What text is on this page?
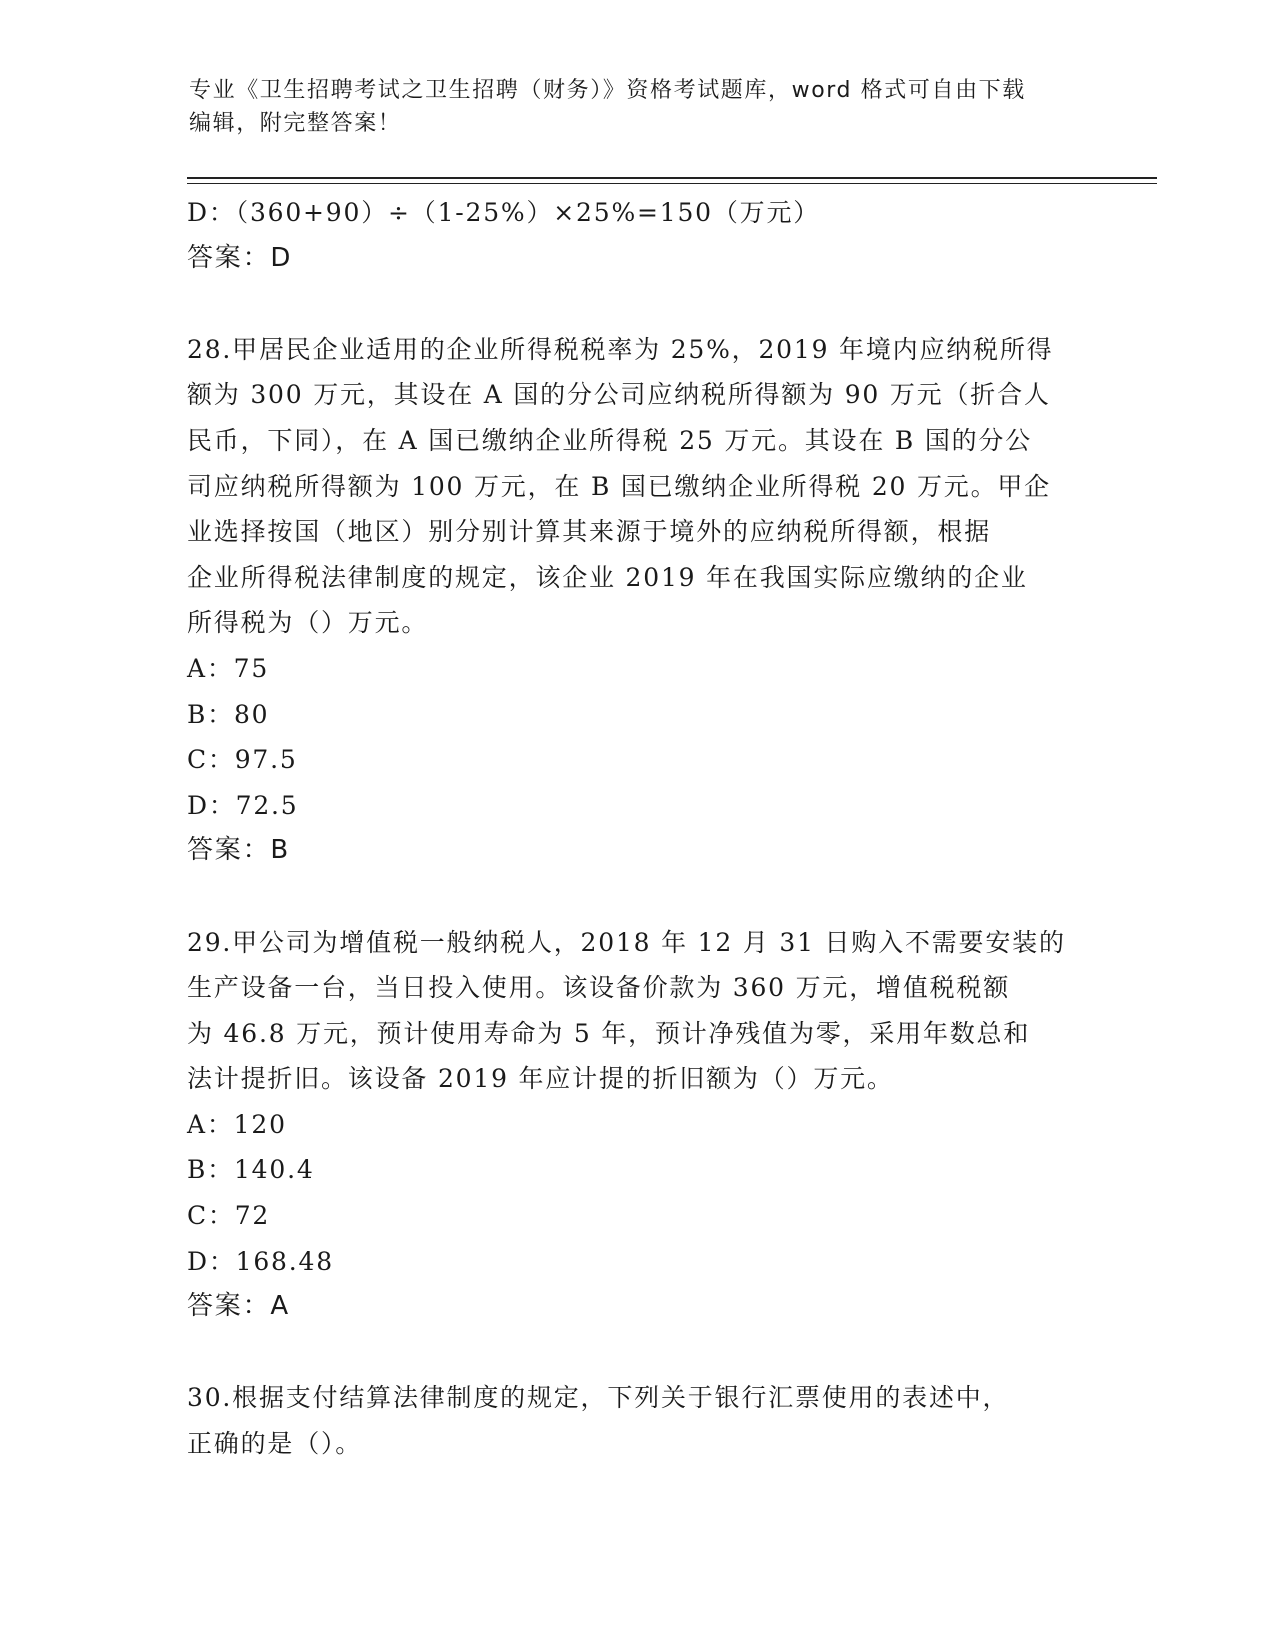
专业《卫生招聘考试之卫生招聘（财务）》资格考试题库，word 格式可自由下载
编辑，附完整答案！
D：（360+90）÷（1-25%）×25%=150（万元）
答案：D
28.甲居民企业适用的企业所得税税率为 25%，2019 年境内应纳税所得
额为 300 万元，其设在 A 国的分公司应纳税所得额为 90 万元（折合人
民币，下同），在 A 国已缴纳企业所得税 25 万元。其设在 B 国的分公
司应纳税所得额为 100 万元，在 B 国已缴纳企业所得税 20 万元。甲企
业选择按国（地区）别分别计算其来源于境外的应纳税所得额，根据
企业所得税法律制度的规定，该企业 2019 年在我国实际应缴纳的企业
所得税为（）万元。
A：75
B：80
C：97.5
D：72.5
答案：B
29.甲公司为增值税一般纳税人，2018 年 12 月 31 日购入不需要安装的
生产设备一台，当日投入使用。该设备价款为 360 万元，增值税税额
为 46.8 万元，预计使用寿命为 5 年，预计净残值为零，采用年数总和
法计提折旧。该设备 2019 年应计提的折旧额为（）万元。
A：120
B：140.4
C：72
D：168.48
答案：A
30.根据支付结算法律制度的规定，下列关于银行汇票使用的表述中，
正确的是（）。
